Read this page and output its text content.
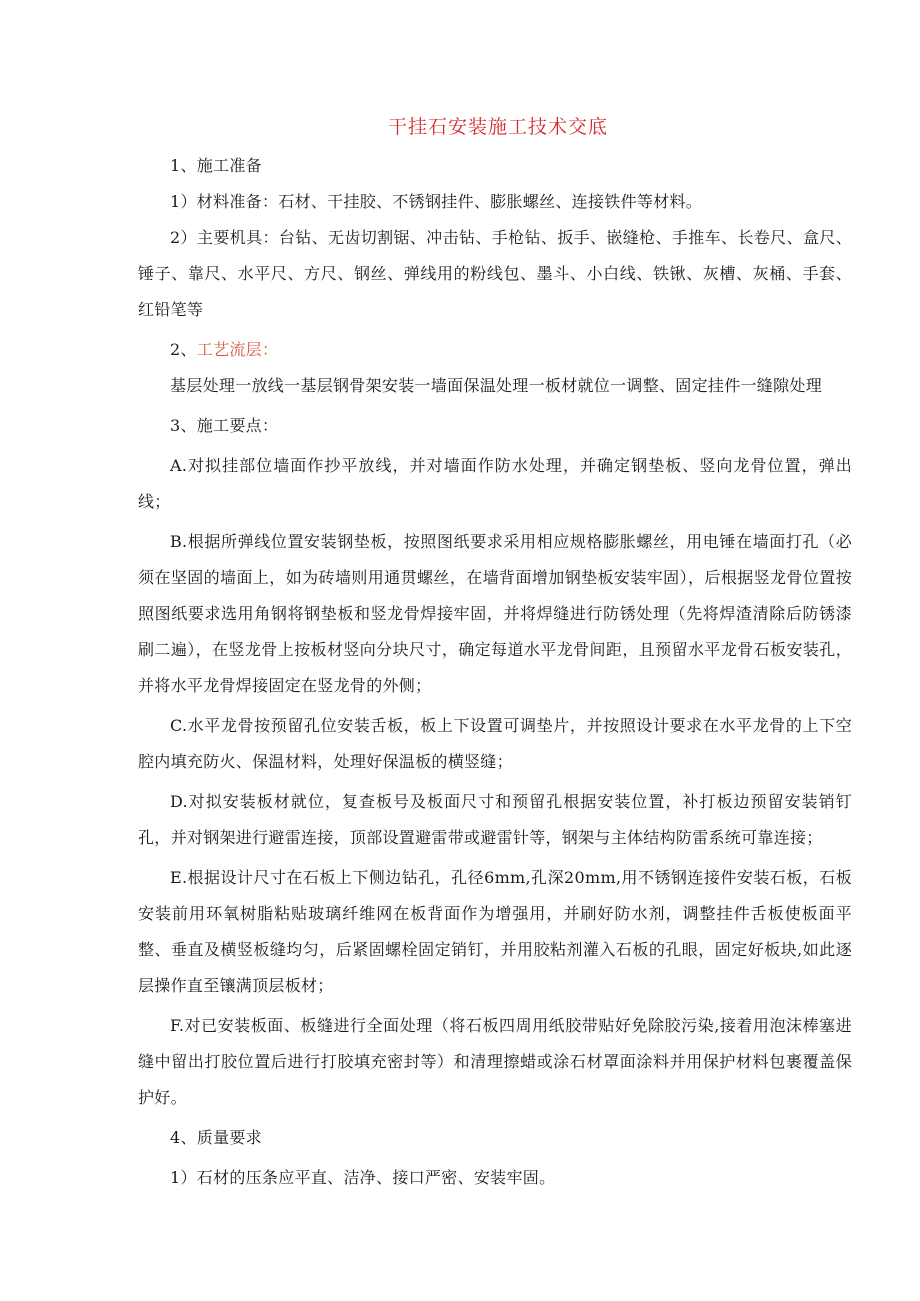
干挂石安装施工技术交底

1、施工准备

1）材料准备：石材、干挂胶、不锈钢挂件、膨胀螺丝、连接铁件等材料。

2）主要机具：台钻、无齿切割锯、冲击钻、手枪钻、扳手、嵌缝枪、手推车、长卷尺、盒尺、锤子、靠尺、水平尺、方尺、钢丝、弹线用的粉线包、墨斗、小白线、铁锹、灰槽、灰桶、手套、红铅笔等

2、工艺流层：

基层处理一放线一基层钢骨架安装一墙面保温处理一板材就位一调整、固定挂件一缝隙处理

3、施工要点：

A.对拟挂部位墙面作抄平放线，并对墙面作防水处理，并确定钢垫板、竖向龙骨位置，弹出线；

B.根据所弹线位置安装钢垫板，按照图纸要求采用相应规格膨胀螺丝，用电锤在墙面打孔（必须在坚固的墙面上，如为砖墙则用通贯螺丝，在墙背面增加钢垫板安装牢固），后根据竖龙骨位置按照图纸要求选用角钢将钢垫板和竖龙骨焊接牢固，并将焊缝进行防锈处理（先将焊渣清除后防锈漆刷二遍），在竖龙骨上按板材竖向分块尺寸，确定每道水平龙骨间距，且预留水平龙骨石板安装孔，并将水平龙骨焊接固定在竖龙骨的外侧；

C.水平龙骨按预留孔位安装舌板，板上下设置可调垫片，并按照设计要求在水平龙骨的上下空腔内填充防火、保温材料，处理好保温板的横竖缝；

D.对拟安装板材就位，复查板号及板面尺寸和预留孔根据安装位置，补打板边预留安装销钉孔，并对钢架进行避雷连接，顶部设置避雷带或避雷针等，钢架与主体结构防雷系统可靠连接；

E.根据设计尺寸在石板上下侧边钻孔，孔径6mm,孔深20mm,用不锈钢连接件安装石板，石板安装前用环氧树脂粘贴玻璃纤维网在板背面作为增强用，并刷好防水剂，调整挂件舌板使板面平整、垂直及横竖板缝均匀，后紧固螺栓固定销钉，并用胶粘剂灌入石板的孔眼，固定好板块,如此逐层操作直至镶满顶层板材；

F.对已安装板面、板缝进行全面处理（将石板四周用纸胶带贴好免除胶污染,接着用泡沫棒塞进缝中留出打胶位置后进行打胶填充密封等）和清理擦蜡或涂石材罩面涂料并用保护材料包裹覆盖保护好。

4、质量要求

1）石材的压条应平直、洁净、接口严密、安装牢固。
